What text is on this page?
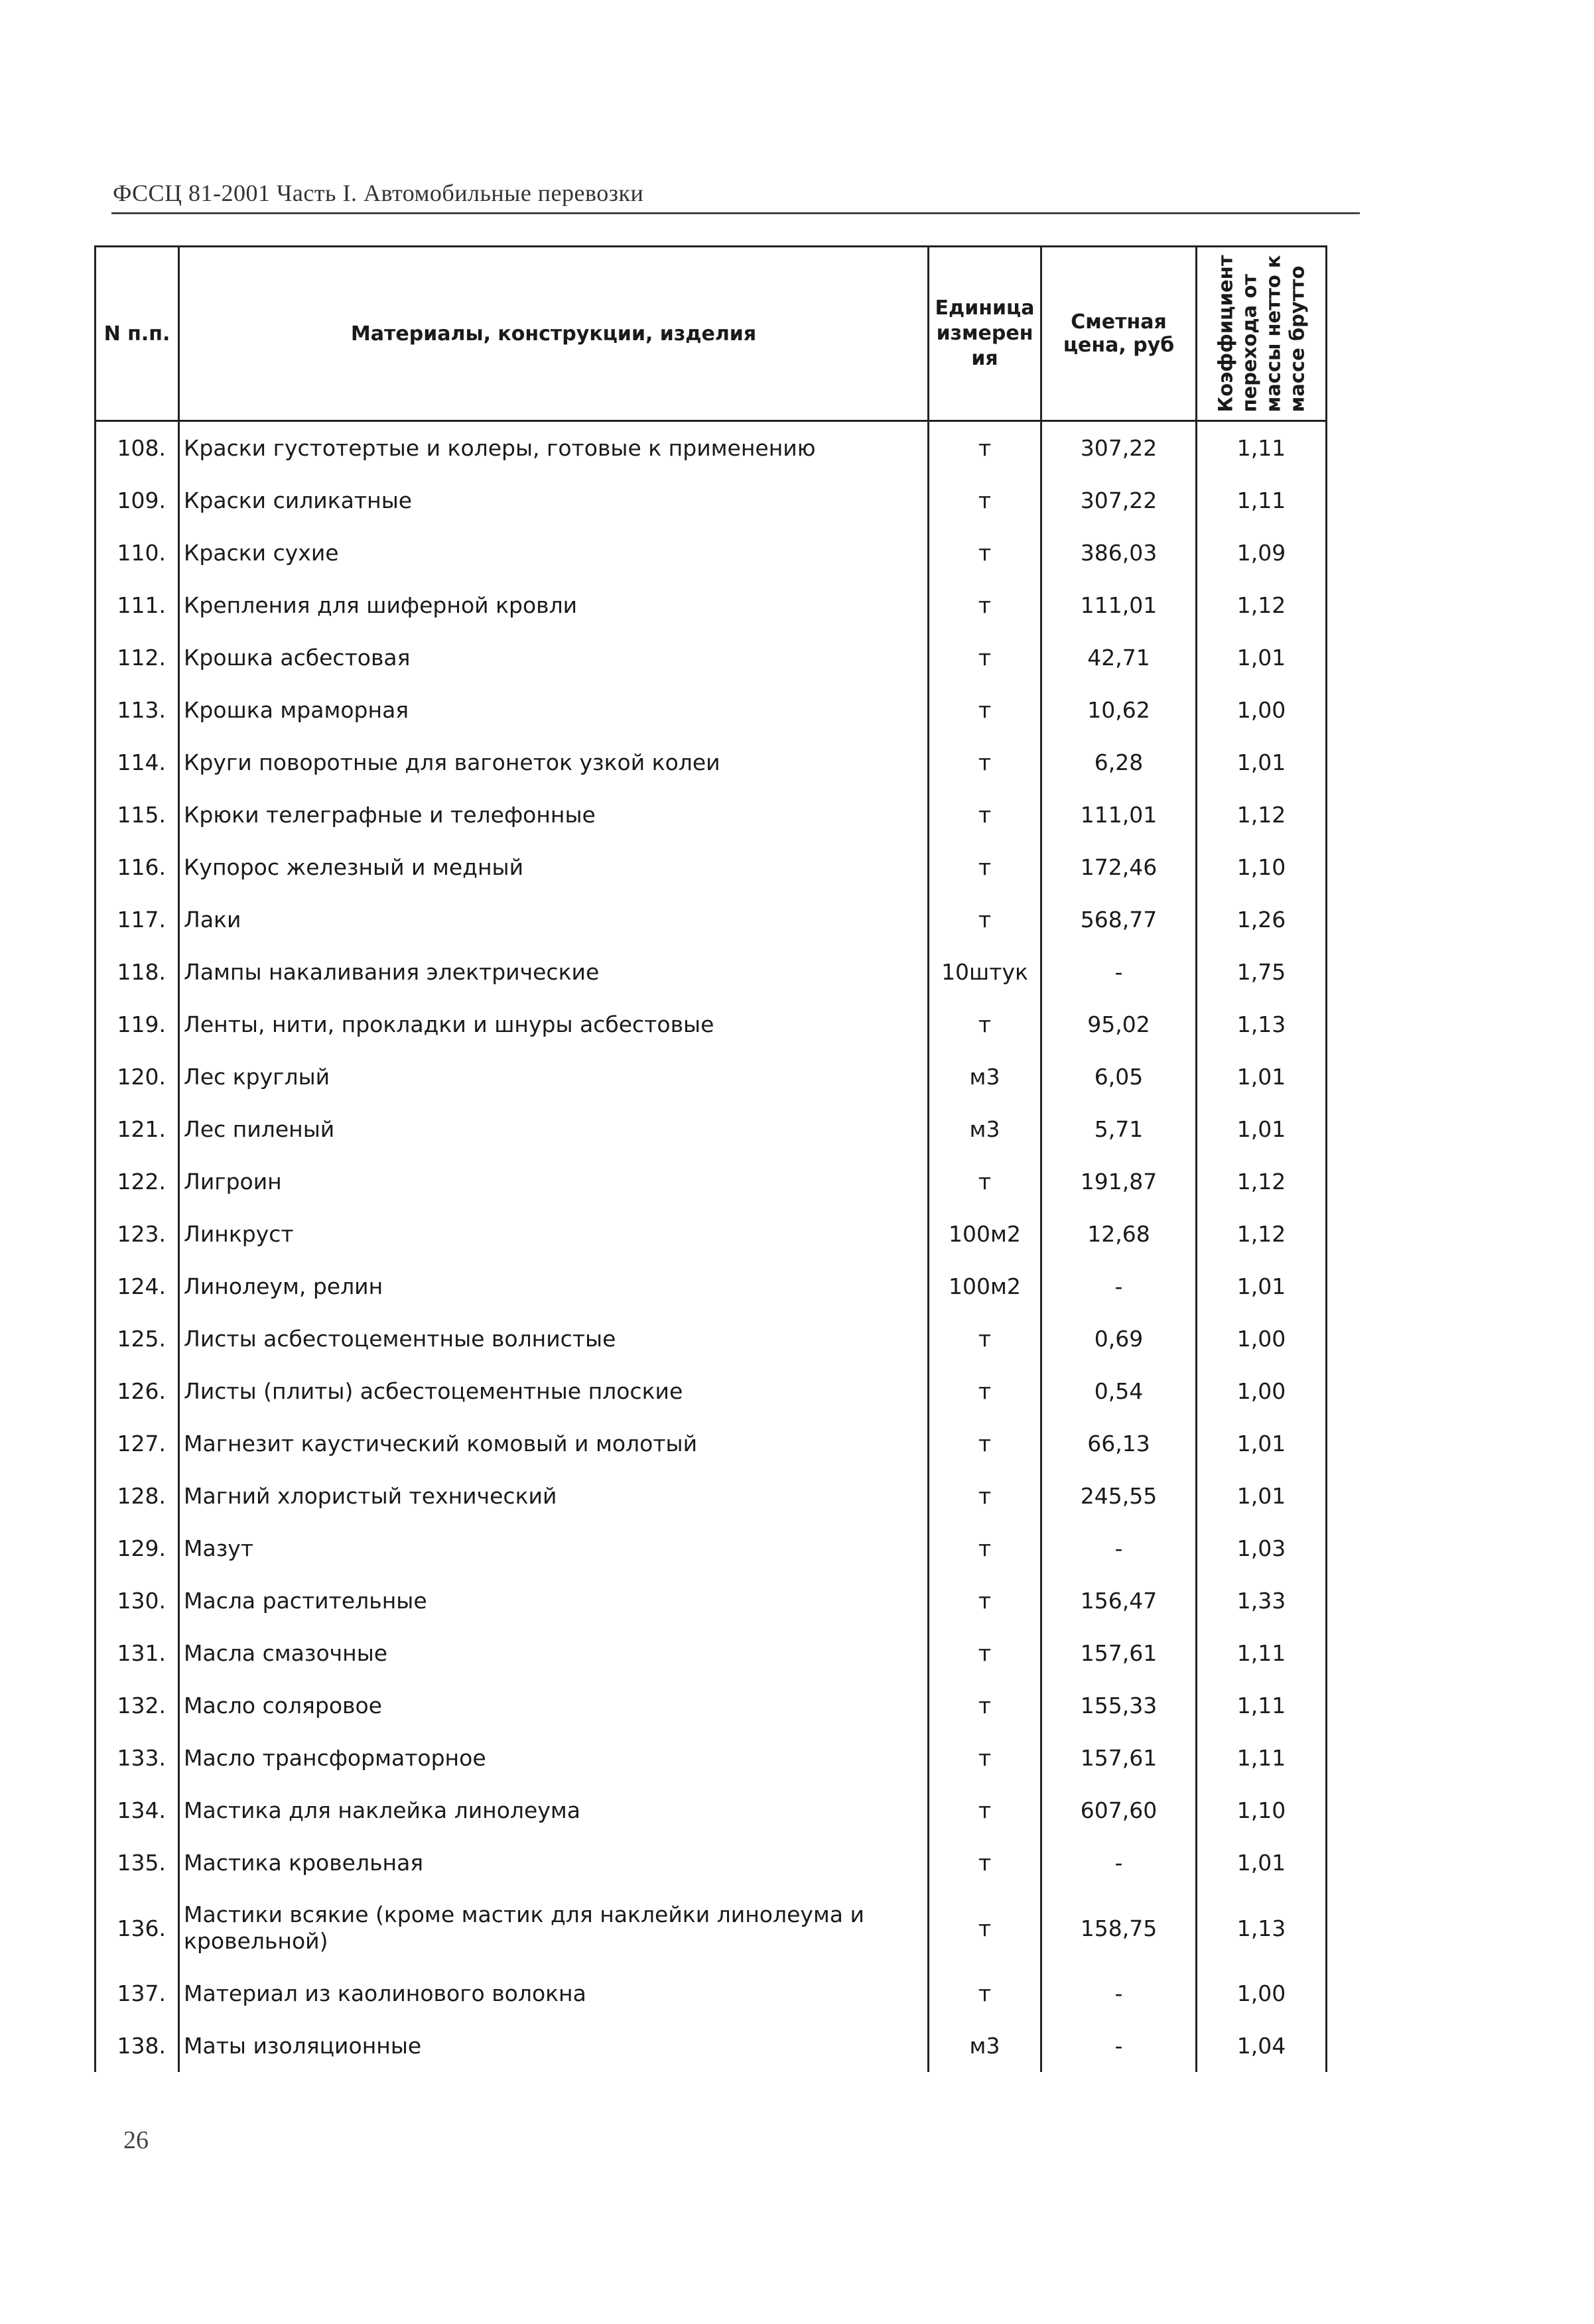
ФССЦ 81-2001 Часть I. Автомобильные перевозки
N п.п.	Материалы, конструкции, изделия	Единица измерения	Сметная цена, руб	Коэффициент перехода от массы нетто к массе брутто

108.	Краски густотертые и колеры, готовые к применению	т	307,22	1,11
109.	Краски силикатные	т	307,22	1,11
110.	Краски сухие	т	386,03	1,09
111.	Крепления для шиферной кровли	т	111,01	1,12
112.	Крошка асбестовая	т	42,71	1,01
113.	Крошка мраморная	т	10,62	1,00
114.	Круги поворотные для вагонеток узкой колеи	т	6,28	1,01
115.	Крюки телеграфные и телефонные	т	111,01	1,12
116.	Купорос железный и медный	т	172,46	1,10
117.	Лаки	т	568,77	1,26
118.	Лампы накаливания электрические	10штук	-	1,75
119.	Ленты, нити, прокладки и шнуры асбестовые	т	95,02	1,13
120.	Лес круглый	м3	6,05	1,01
121.	Лес пиленый	м3	5,71	1,01
122.	Лигроин	т	191,87	1,12
123.	Линкруст	100м2	12,68	1,12
124.	Линолеум, релин	100м2	-	1,01
125.	Листы асбестоцементные волнистые	т	0,69	1,00
126.	Листы (плиты) асбестоцементные плоские	т	0,54	1,00
127.	Магнезит каустический комовый и молотый	т	66,13	1,01
128.	Магний хлористый технический	т	245,55	1,01
129.	Мазут	т	-	1,03
130.	Масла растительные	т	156,47	1,33
131.	Масла смазочные	т	157,61	1,11
132.	Масло соляровое	т	155,33	1,11
133.	Масло трансформаторное	т	157,61	1,11
134.	Мастика для наклейка линолеума	т	607,60	1,10
135.	Мастика кровельная	т	-	1,01
136.	Мастики всякие (кроме мастик для наклейки линолеума и кровельной)	т	158,75	1,13
137.	Материал из каолинового волокна	т	-	1,00
138.	Маты изоляционные	м3	-	1,04
26
